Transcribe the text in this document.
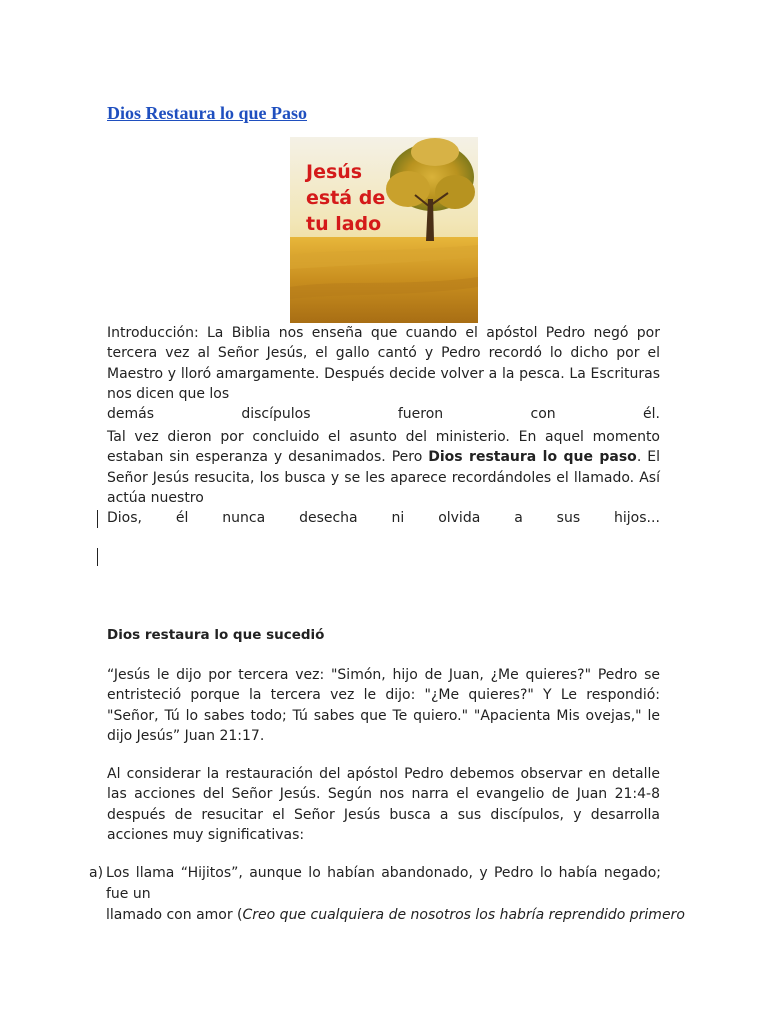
Dios Restaura lo que Paso
Jesús
está de
tu lado
Introducción: La Biblia nos enseña que cuando el apóstol Pedro negó por tercera vez al Señor Jesús, el gallo cantó y Pedro recordó lo dicho por el Maestro y lloró amargamente. Después decide volver a la pesca. La Escrituras nos dicen que los
demás	discípulos	fueron	con	él.
Tal vez dieron por concluido el asunto del ministerio. En aquel momento estaban sin esperanza y desanimados. Pero Dios restaura lo que paso. El Señor Jesús resucita, los busca y se les aparece recordándoles el llamado. Así actúa nuestro
Dios, él nunca desecha ni olvida a sus hijos...
Dios restaura lo que sucedió
“Jesús le dijo por tercera vez: "Simón, hijo de Juan, ¿Me quieres?" Pedro se entristeció porque la tercera vez le dijo: "¿Me quieres?" Y Le respondió: "Señor, Tú lo sabes todo; Tú sabes que Te quiero." "Apacienta Mis ovejas," le dijo Jesús” Juan 21:17.
Al considerar la restauración del apóstol Pedro debemos observar en detalle las acciones del Señor Jesús. Según nos narra el evangelio de Juan 21:4-8 después de resucitar el Señor Jesús busca a sus discípulos, y desarrolla acciones muy significativas:
a) Los llama “Hijitos”, aunque lo habían abandonado, y Pedro lo había negado; fue un
llamado con amor (Creo que cualquiera de nosotros los habría reprendido primero
